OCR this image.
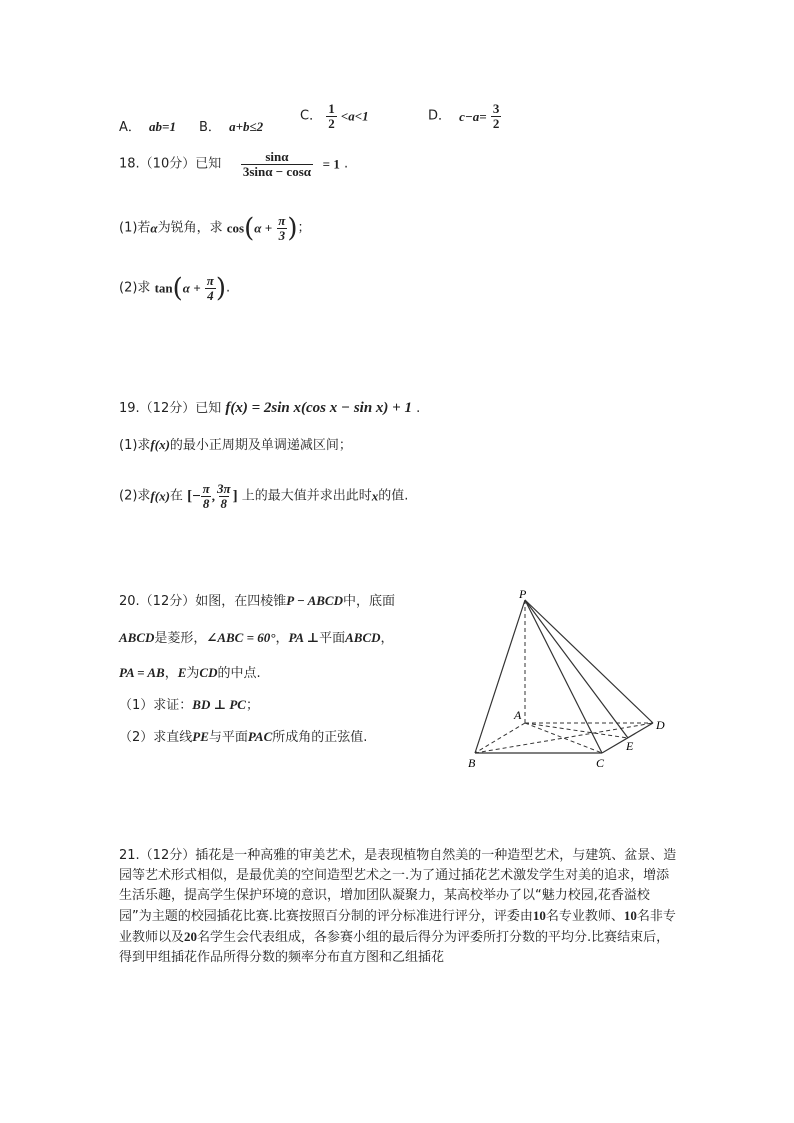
A． ab=1 B． a+b≤2
C． $\frac{1}{2} <a<1$	D． $c-a= \frac{3}{2}$
18.（10分）已知 $\frac{\sin\alpha}{3\sin\alpha - \cos\alpha} = 1$ .
(1)若α为锐角，求 $\cos(\alpha + \frac{\pi}{3}$ )；
(2)求 $\tan(\alpha + \frac{\pi}{4}$ ).
19.（12分）已知 f(x) = 2sin x(cos x − sin x) + 1 .
(1)求f(x)的最小正周期及单调递减区间；
(2)求f(x)在 [− $\frac{\pi}{8}$ , $\frac{3\pi}{8}$ ] 上的最大值并求出此时x的值.
20.（12分）如图，在四棱锥P − ABCD中，底面
ABCD是菱形，∠ABC = 60°，PA ⊥平面ABCD，
PA = AB，E为CD的中点.
（1）求证：BD ⊥ PC；
（2）求直线PE与平面PAC所成角的正弦值.
P
A
B	C
D
E
21.（12分）插花是一种高雅的审美艺术，是表现植物自然美的一种造型艺术，与建筑、盆景、造园等艺术形式相似，是最优美的空间造型艺术之一.为了通过插花艺术激发学生对美的追求，增添生活乐趣，提高学生保护环境的意识，增加团队凝聚力，某高校举办了以“魅力校园,花香溢校园”为主题的校园插花比赛.比赛按照百分制的评分标准进行评分，评委由10名专业教师、10名非专业教师以及20名学生会代表组成，各参赛小组的最后得分为评委所打分数的平均分.比赛结束后，得到甲组插花作品所得分数的频率分布直方图和乙组插花
